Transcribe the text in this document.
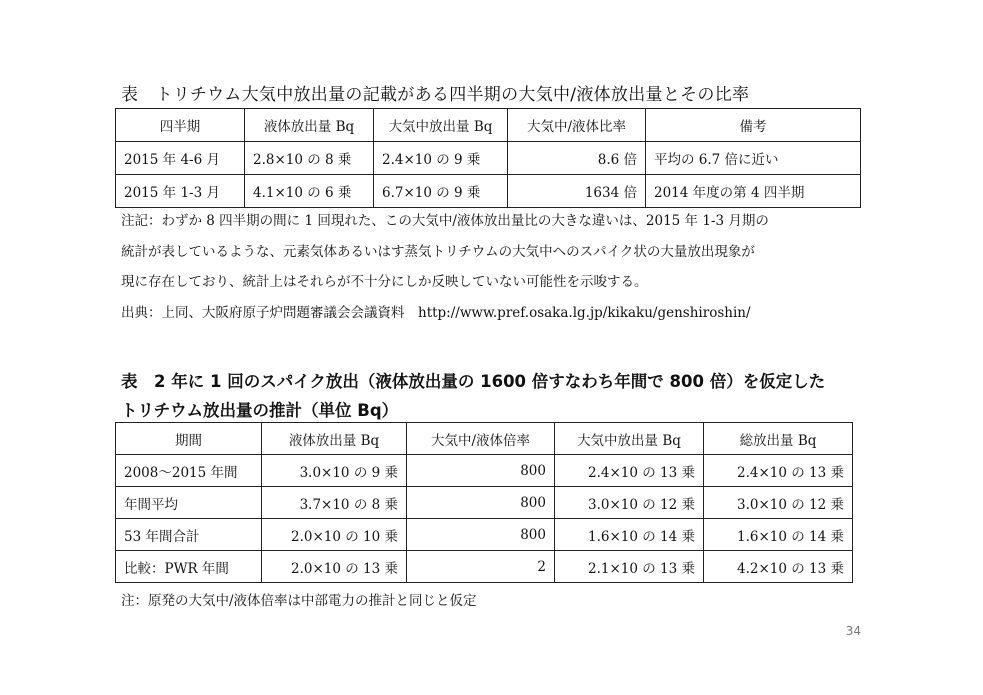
表　トリチウム大気中放出量の記載がある四半期の大気中/液体放出量とその比率
四半期	液体放出量 Bq	大気中放出量 Bq	大気中/液体比率	備考
2015 年 4-6 月	2.8×10 の 8 乗	2.4×10 の 9 乗	8.6 倍	平均の 6.7 倍に近い
2015 年 1-3 月	4.1×10 の 6 乗	6.7×10 の 9 乗	1634 倍	2014 年度の第 4 四半期
注記：わずか 8 四半期の間に 1 回現れた、この大気中/液体放出量比の大きな違いは、2015 年 1-3 月期の
統計が表しているような、元素気体あるいはす蒸気トリチウムの大気中へのスパイク状の大量放出現象が
現に存在しており、統計上はそれらが不十分にしか反映していない可能性を示唆する。
出典：上同、大阪府原子炉問題審議会会議資料　http://www.pref.osaka.lg.jp/kikaku/genshiroshin/
表　2 年に 1 回のスパイク放出（液体放出量の 1600 倍すなわち年間で 800 倍）を仮定した
トリチウム放出量の推計（単位 Bq）
期間	液体放出量 Bq	大気中/液体倍率	大気中放出量 Bq	総放出量 Bq
2008～2015 年間	3.0×10 の 9 乗	800	2.4×10 の 13 乗	2.4×10 の 13 乗
年間平均	3.7×10 の 8 乗	800	3.0×10 の 12 乗	3.0×10 の 12 乗
53 年間合計	2.0×10 の 10 乗	800	1.6×10 の 14 乗	1.6×10 の 14 乗
比較：PWR 年間	2.0×10 の 13 乗	2	2.1×10 の 13 乗	4.2×10 の 13 乗
注：原発の大気中/液体倍率は中部電力の推計と同じと仮定
34
